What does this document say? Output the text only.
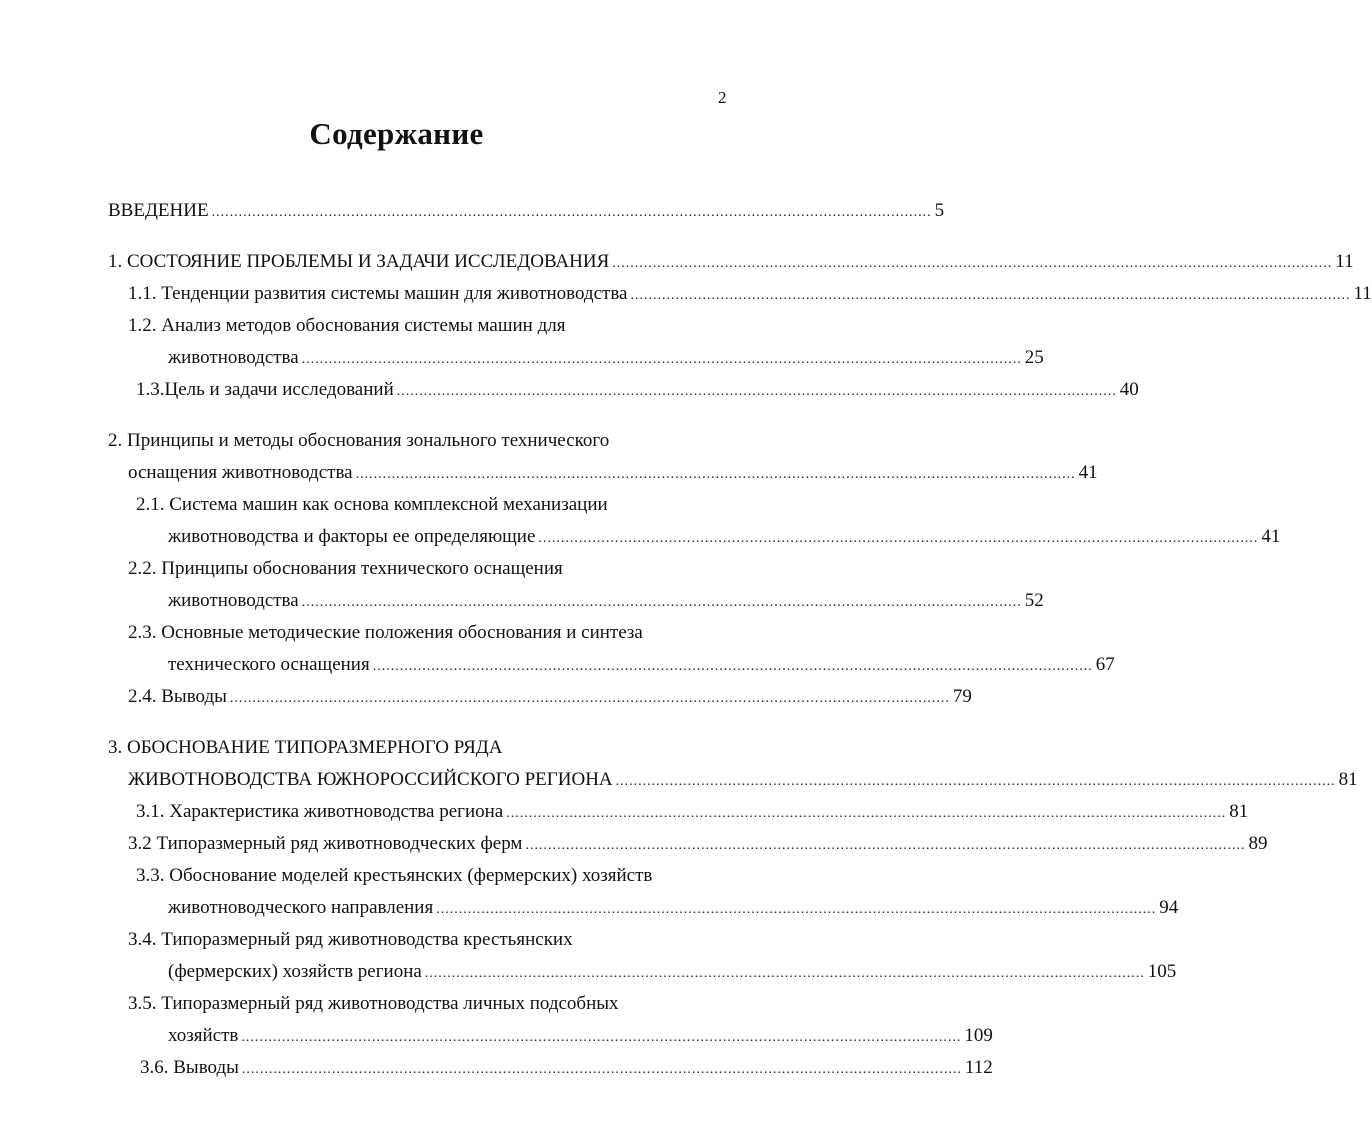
2
Содержание
ВВЕДЕНИЕ ................................................................................................................................................................ 5
1. СОСТОЯНИЕ ПРОБЛЕМЫ И ЗАДАЧИ ИССЛЕДОВАНИЯ ................................................................................................................................................................ 11
1.1. Тенденции развития системы машин для животноводства ................................................................................................................................................................ 11
1.2. Анализ методов обоснования системы машин для
животноводства ................................................................................................................................................................ 25
1.3.Цель и задачи исследований ................................................................................................................................................................ 40
2. Принципы и методы обоснования зонального технического
оснащения животноводства ................................................................................................................................................................ 41
2.1. Система машин как основа комплексной механизации
животноводства и факторы ее определяющие ................................................................................................................................................................ 41
2.2. Принципы обоснования технического оснащения
животноводства ................................................................................................................................................................ 52
2.3. Основные методические положения обоснования и синтеза
технического оснащения ................................................................................................................................................................ 67
2.4. Выводы ................................................................................................................................................................ 79
3. ОБОСНОВАНИЕ ТИПОРАЗМЕРНОГО РЯДА
ЖИВОТНОВОДСТВА ЮЖНОРОССИЙСКОГО РЕГИОНА ................................................................................................................................................................ 81
3.1. Характеристика животноводства региона ................................................................................................................................................................ 81
3.2 Типоразмерный ряд животноводческих ферм ................................................................................................................................................................ 89
3.3. Обоснование моделей крестьянских (фермерских) хозяйств
животноводческого направления ................................................................................................................................................................ 94
3.4. Типоразмерный ряд животноводства крестьянских
(фермерских) хозяйств региона ................................................................................................................................................................ 105
3.5. Типоразмерный ряд животноводства личных подсобных
хозяйств ................................................................................................................................................................ 109
3.6. Выводы ................................................................................................................................................................ 112
